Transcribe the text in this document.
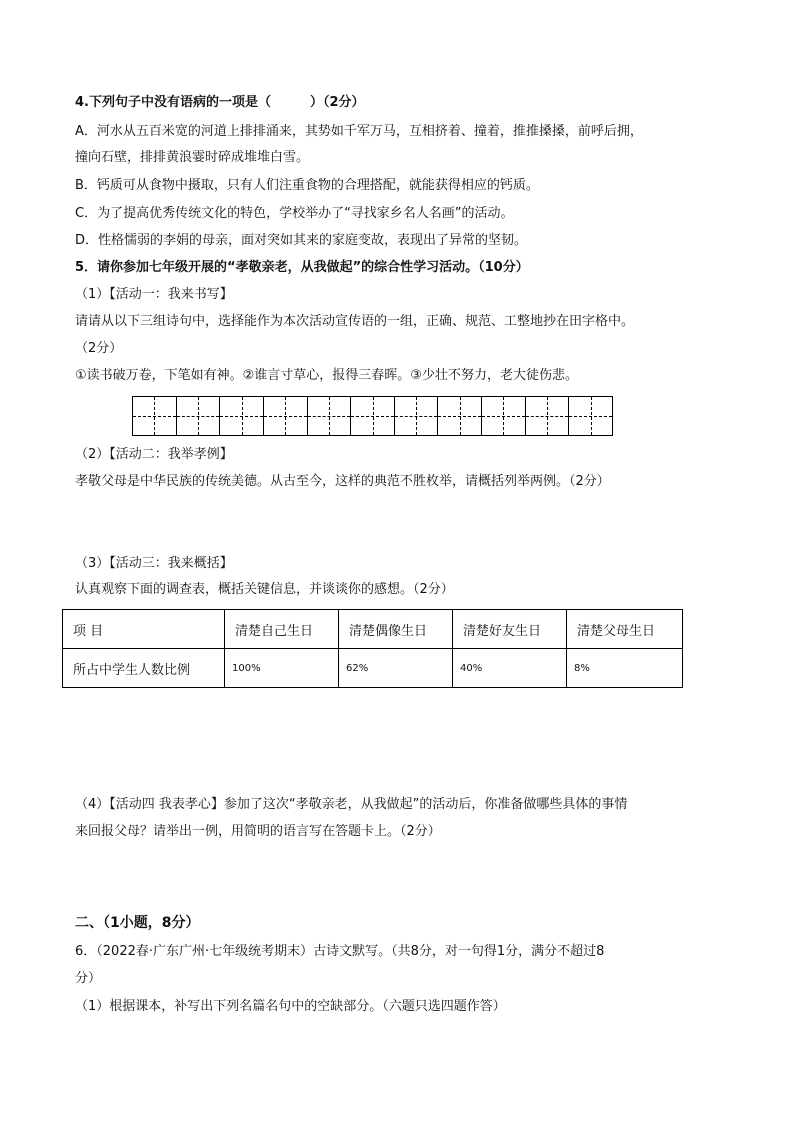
4.下列句子中没有语病的一项是（　　　）（2分）
A．河水从五百米宽的河道上排排涌来，其势如千军万马，互相挤着、撞着，推推搡搡，前呼后拥，
撞向石壁，排排黄浪霎时碎成堆堆白雪。
B．钙质可从食物中摄取，只有人们注重食物的合理搭配，就能获得相应的钙质。
C．为了提高优秀传统文化的特色，学校举办了“寻找家乡名人名画”的活动。
D．性格懦弱的李娟的母亲，面对突如其来的家庭变故，表现出了异常的坚韧。
5．请你参加七年级开展的“孝敬亲老，从我做起”的综合性学习活动。（10分）
（1）【活动一：我来书写】
请请从以下三组诗句中，选择能作为本次活动宣传语的一组，正确、规范、工整地抄在田字格中。
（2分）
①读书破万卷，下笔如有神。②谁言寸草心，报得三春晖。③少壮不努力，老大徒伤悲。
（2）【活动二：我举孝例】
孝敬父母是中华民族的传统美德。从古至今，这样的典范不胜枚举，请概括列举两例。（2分）
（3）【活动三：我来概括】
认真观察下面的调查表，概括关键信息，并谈谈你的感想。（2分）
项 目	清楚自己生日	清楚偶像生日	清楚好友生日	清楚父母生日
所占中学生人数比例	100%	62%	40%	8%
（4）【活动四 我表孝心】参加了这次“孝敬亲老，从我做起”的活动后，你准备做哪些具体的事情
来回报父母？请举出一例，用简明的语言写在答题卡上。（2分）
二、（1小题，8分）
6．（2022春·广东广州·七年级统考期末）古诗文默写。（共8分，对一句得1分，满分不超过8
分）
（1）根据课本，补写出下列名篇名句中的空缺部分。（六题只选四题作答）
